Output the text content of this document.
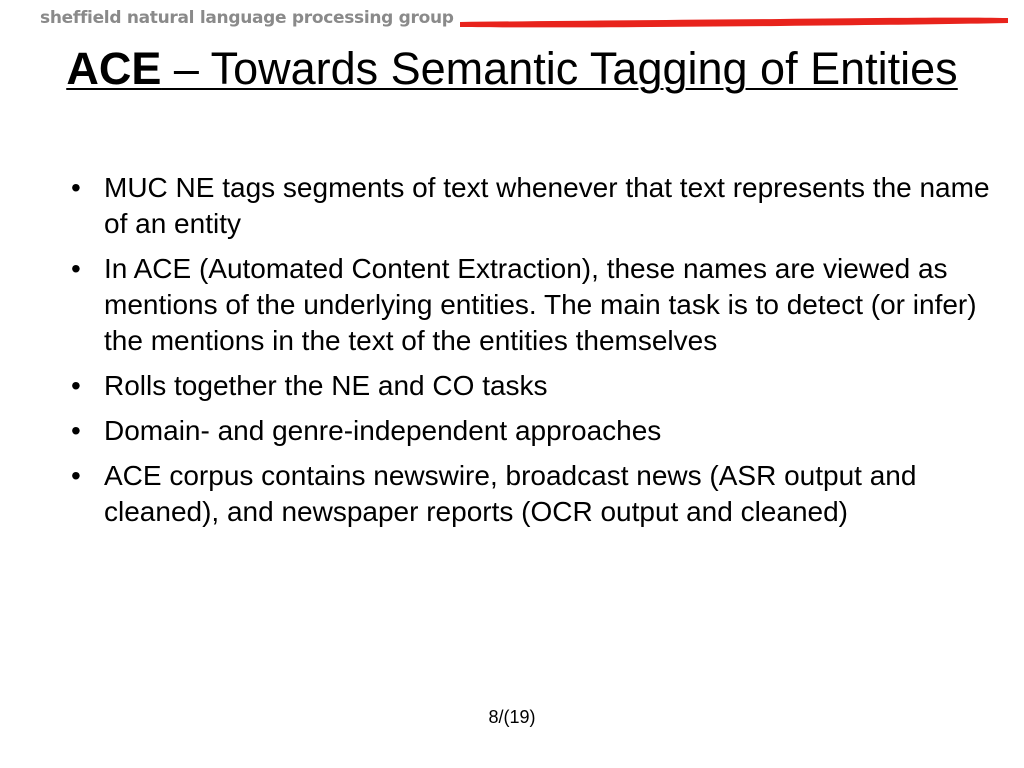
sheffield natural language processing group
ACE – Towards Semantic Tagging of Entities
• MUC NE tags segments of text whenever that text represents the name of an entity
• In ACE (Automated Content Extraction), these names are viewed as mentions of the underlying entities. The main task is to detect (or infer) the mentions in the text of the entities themselves
• Rolls together the NE and CO tasks
• Domain- and genre-independent approaches
• ACE corpus contains newswire, broadcast news (ASR output and cleaned), and newspaper reports (OCR output and cleaned)
8/(19)
